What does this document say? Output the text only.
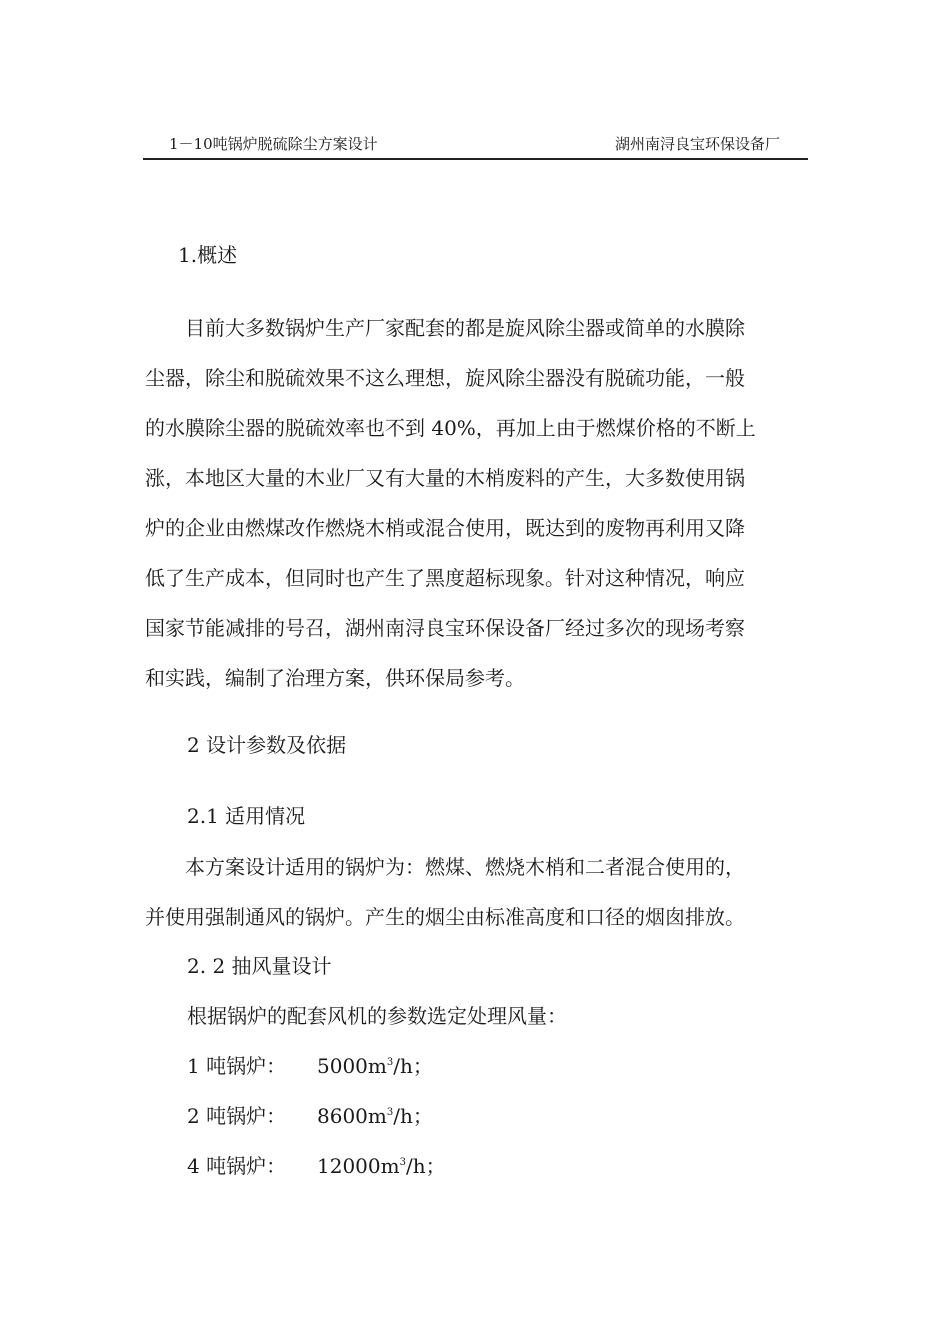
1－10吨锅炉脱硫除尘方案设计	湖州南浔良宝环保设备厂
1.概述
目前大多数锅炉生产厂家配套的都是旋风除尘器或简单的水膜除
尘器，除尘和脱硫效果不这么理想，旋风除尘器没有脱硫功能，一般
的水膜除尘器的脱硫效率也不到 40%，再加上由于燃煤价格的不断上
涨，本地区大量的木业厂又有大量的木梢废料的产生，大多数使用锅
炉的企业由燃煤改作燃烧木梢或混合使用，既达到的废物再利用又降
低了生产成本，但同时也产生了黑度超标现象。针对这种情况，响应
国家节能减排的号召，湖州南浔良宝环保设备厂经过多次的现场考察
和实践，编制了治理方案，供环保局参考。
2 设计参数及依据
2.1 适用情况
本方案设计适用的锅炉为：燃煤、燃烧木梢和二者混合使用的，
并使用强制通风的锅炉。产生的烟尘由标准高度和口径的烟囱排放。
2. 2 抽风量设计
根据锅炉的配套风机的参数选定处理风量：
1 吨锅炉： $5000m^3/h$；
2 吨锅炉： $8600m^3/h$；
4 吨锅炉： $12000m^3/h$；
